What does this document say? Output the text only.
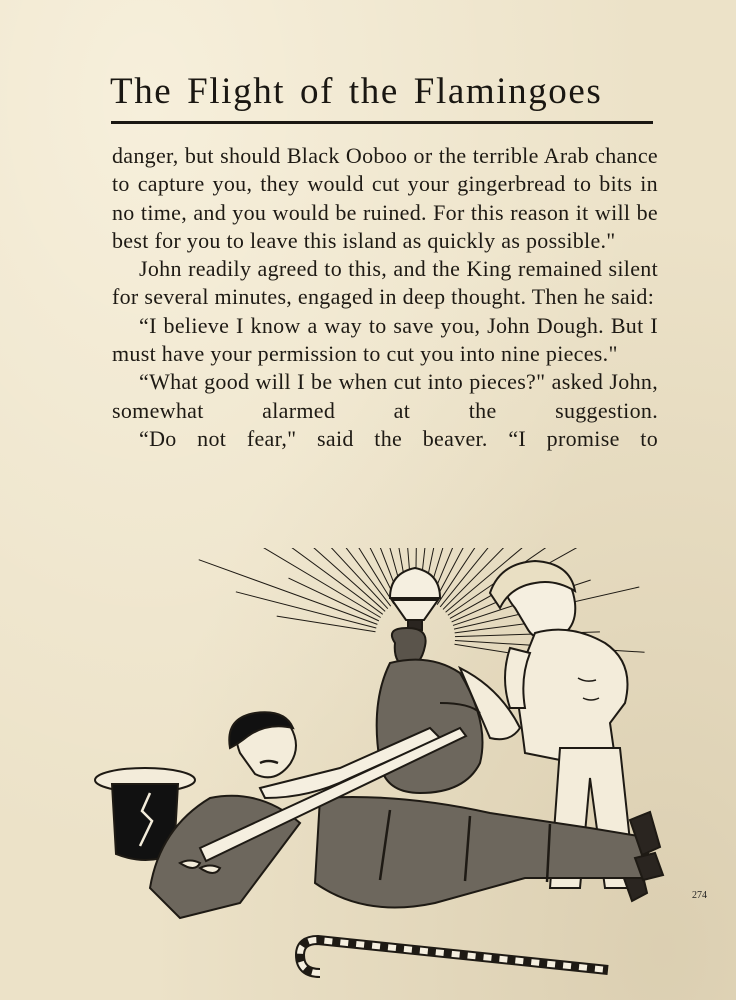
The Flight of the Flamingoes

danger, but should Black Ooboo or the terrible Arab chance to capture you, they would cut your gingerbread to bits in no time, and you would be ruined. For this reason it will be best for you to leave this island as quickly as possible."

John readily agreed to this, and the King remained silent for several minutes, engaged in deep thought. Then he said:

“I believe I know a way to save you, John Dough. But I must have your permission to cut you into nine pieces."

“What good will I be when cut into pieces?" asked John, somewhat alarmed at the suggestion.

“Do not fear," said the beaver. “I promise to

274
